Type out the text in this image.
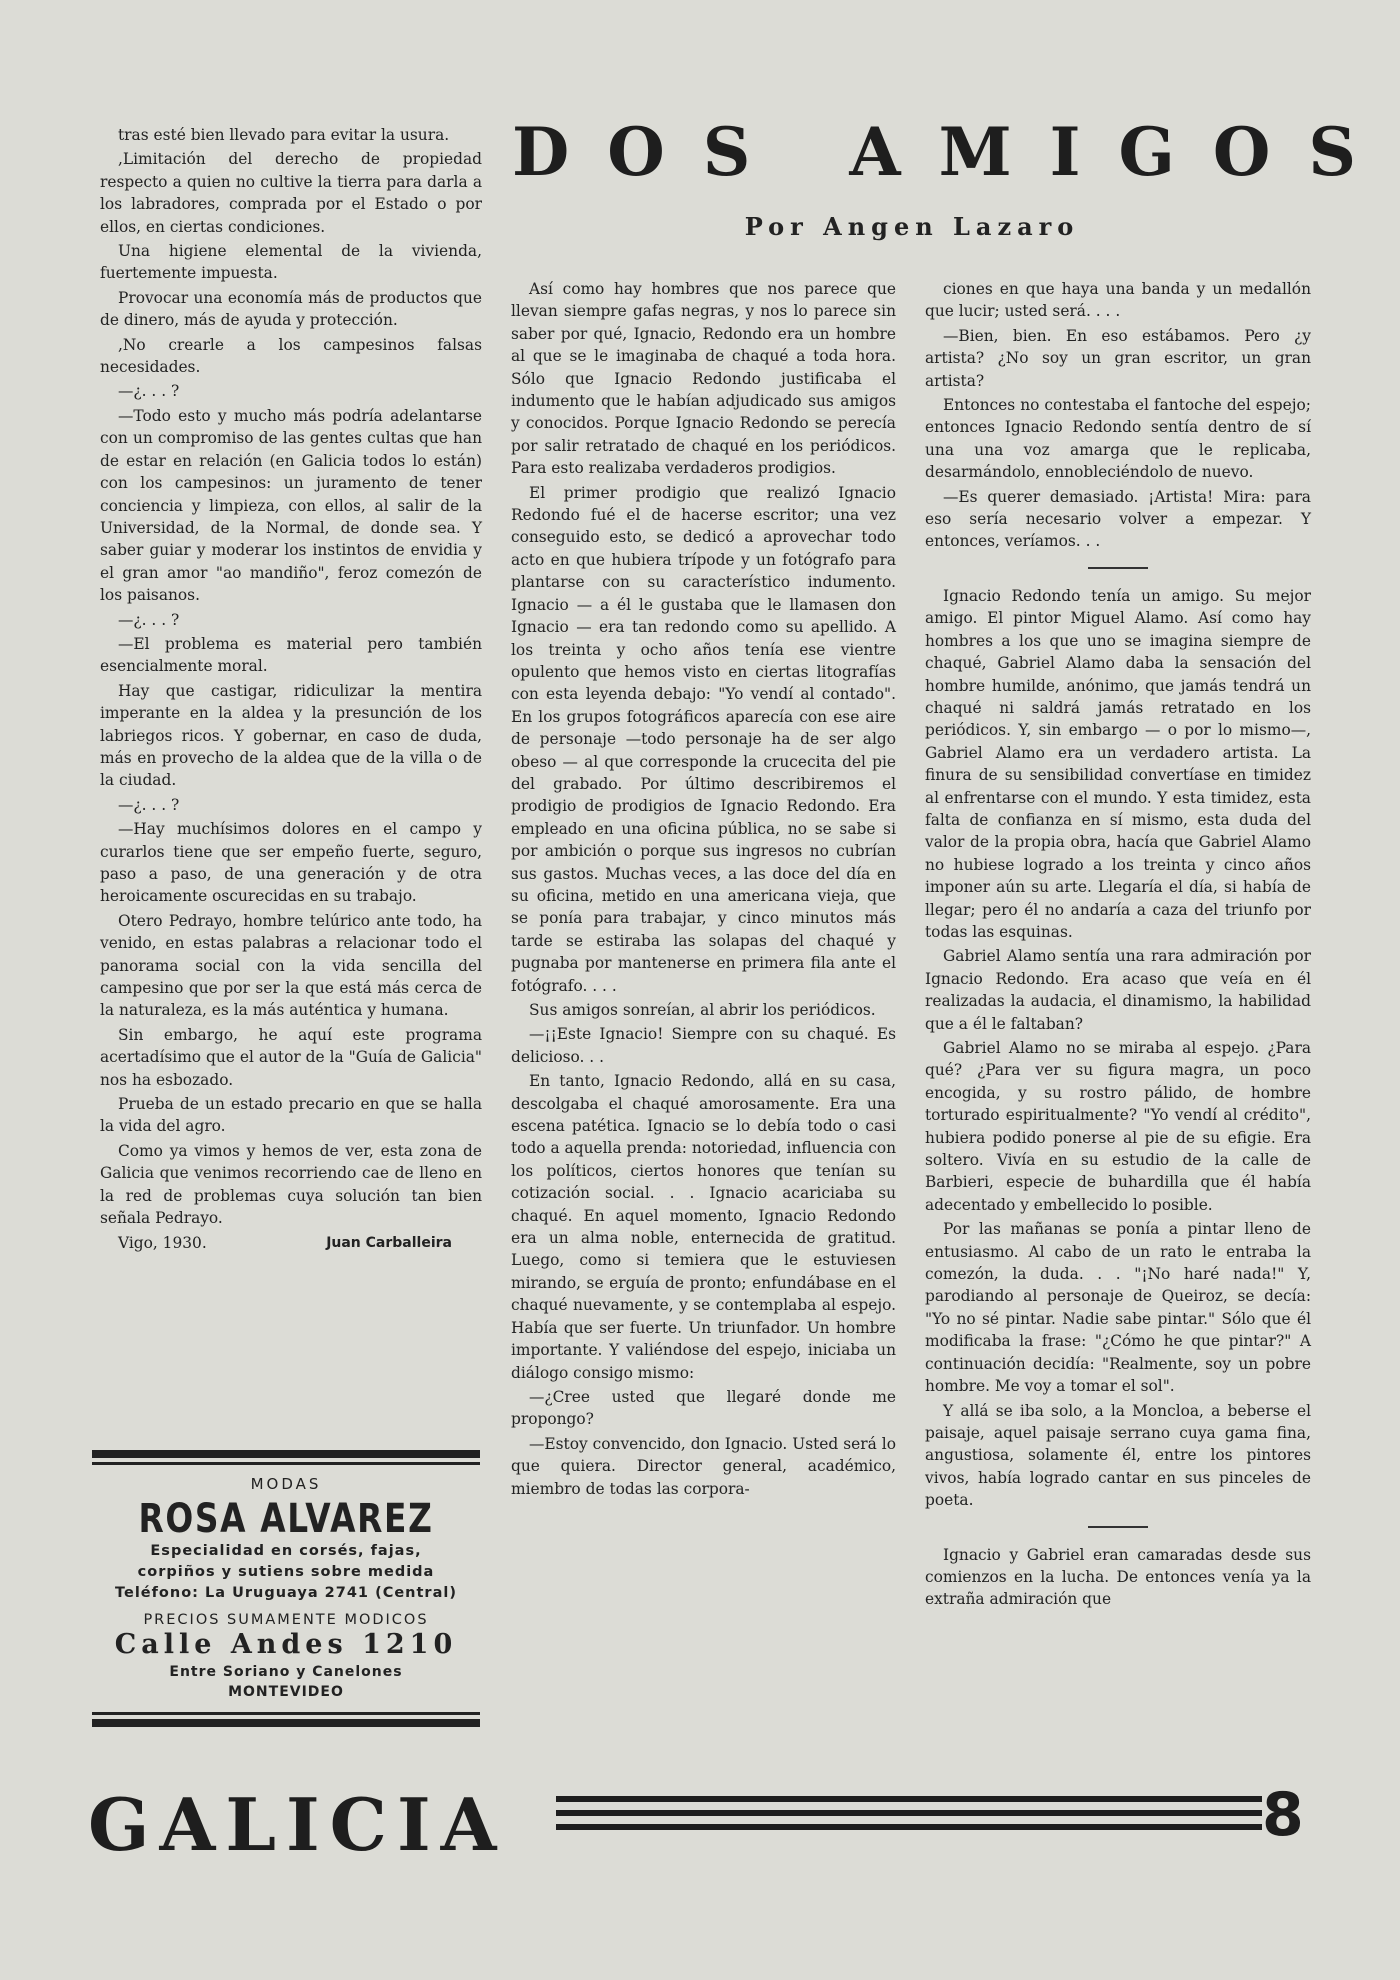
DOS AMIGOS
Por Angen Lazaro

tras esté bien llevado para evitar la usura.

,Limitación del derecho de propiedad respecto a quien no cultive la tierra para darla a los labradores, comprada por el Estado o por ellos, en ciertas condiciones.

Una higiene elemental de la vivienda, fuertemente impuesta.

Provocar una economía más de productos que de dinero, más de ayuda y protección.

,No crearle a los campesinos falsas necesidades.

—¿. . . ?

—Todo esto y mucho más podría adelantarse con un compromiso de las gentes cultas que han de estar en relación (en Galicia todos lo están) con los campesinos: un juramento de tener conciencia y limpieza, con ellos, al salir de la Universidad, de la Normal, de donde sea. Y saber guiar y moderar los instintos de envidia y el gran amor "ao mandiño", feroz comezón de los paisanos.

—¿. . . ?

—El problema es material pero también esencialmente moral.

Hay que castigar, ridiculizar la mentira imperante en la aldea y la presunción de los labriegos ricos. Y gobernar, en caso de duda, más en provecho de la aldea que de la villa o de la ciudad.

—¿. . . ?

—Hay muchísimos dolores en el campo y curarlos tiene que ser empeño fuerte, seguro, paso a paso, de una generación y de otra heroicamente oscurecidas en su trabajo.

Otero Pedrayo, hombre telúrico ante todo, ha venido, en estas palabras a relacionar todo el panorama social con la vida sencilla del campesino que por ser la que está más cerca de la naturaleza, es la más auténtica y humana.

Sin embargo, he aquí este programa acertadísimo que el autor de la "Guía de Galicia" nos ha esbozado.

Prueba de un estado precario en que se halla la vida del agro.

Como ya vimos y hemos de ver, esta zona de Galicia que venimos recorriendo cae de lleno en la red de problemas cuya solución tan bien señala Pedrayo.

Vigo, 1930.	Juan Carballeira

Así como hay hombres que nos parece que llevan siempre gafas negras, y nos lo parece sin saber por qué, Ignacio, Redondo era un hombre al que se le imaginaba de chaqué a toda hora. Sólo que Ignacio Redondo justificaba el indumento que le habían adjudicado sus amigos y conocidos. Porque Ignacio Redondo se perecía por salir retratado de chaqué en los periódicos. Para esto realizaba verdaderos prodigios.

El primer prodigio que realizó Ignacio Redondo fué el de hacerse escritor; una vez conseguido esto, se dedicó a aprovechar todo acto en que hubiera trípode y un fotógrafo para plantarse con su característico indumento. Ignacio — a él le gustaba que le llamasen don Ignacio — era tan redondo como su apellido. A los treinta y ocho años tenía ese vientre opulento que hemos visto en ciertas litografías con esta leyenda debajo: "Yo vendí al contado". En los grupos fotográficos aparecía con ese aire de personaje —todo personaje ha de ser algo obeso — al que corresponde la crucecita del pie del grabado. Por último describiremos el prodigio de prodigios de Ignacio Redondo. Era empleado en una oficina pública, no se sabe si por ambición o porque sus ingresos no cubrían sus gastos. Muchas veces, a las doce del día en su oficina, metido en una americana vieja, que se ponía para trabajar, y cinco minutos más tarde se estiraba las solapas del chaqué y pugnaba por mantenerse en primera fila ante el fotógrafo. . . .

Sus amigos sonreían, al abrir los periódicos.

—¡¡Este Ignacio! Siempre con su chaqué. Es delicioso. . .

En tanto, Ignacio Redondo, allá en su casa, descolgaba el chaqué amorosamente. Era una escena patética. Ignacio se lo debía todo o casi todo a aquella prenda: notoriedad, influencia con los políticos, ciertos honores que tenían su cotización social. . . Ignacio acariciaba su chaqué. En aquel momento, Ignacio Redondo era un alma noble, enternecida de gratitud. Luego, como si temiera que le estuviesen mirando, se erguía de pronto; enfundábase en el chaqué nuevamente, y se contemplaba al espejo. Había que ser fuerte. Un triunfador. Un hombre importante. Y valiéndose del espejo, iniciaba un diálogo consigo mismo:

—¿Cree usted que llegaré donde me propongo?

—Estoy convencido, don Ignacio. Usted será lo que quiera. Director general, académico, miembro de todas las corpora-

ciones en que haya una banda y un medallón que lucir; usted será. . . .

—Bien, bien. En eso estábamos. Pero ¿y artista? ¿No soy un gran escritor, un gran artista?

Entonces no contestaba el fantoche del espejo; entonces Ignacio Redondo sentía dentro de sí una una voz amarga que le replicaba, desarmándolo, ennobleciéndolo de nuevo.

—Es querer demasiado. ¡Artista! Mira: para eso sería necesario volver a empezar. Y entonces, veríamos. . .

Ignacio Redondo tenía un amigo. Su mejor amigo. El pintor Miguel Alamo. Así como hay hombres a los que uno se imagina siempre de chaqué, Gabriel Alamo daba la sensación del hombre humilde, anónimo, que jamás tendrá un chaqué ni saldrá jamás retratado en los periódicos. Y, sin embargo — o por lo mismo—, Gabriel Alamo era un verdadero artista. La finura de su sensibilidad convertíase en timidez al enfrentarse con el mundo. Y esta timidez, esta falta de confianza en sí mismo, esta duda del valor de la propia obra, hacía que Gabriel Alamo no hubiese logrado a los treinta y cinco años imponer aún su arte. Llegaría el día, si había de llegar; pero él no andaría a caza del triunfo por todas las esquinas.

Gabriel Alamo sentía una rara admiración por Ignacio Redondo. Era acaso que veía en él realizadas la audacia, el dinamismo, la habilidad que a él le faltaban?

Gabriel Alamo no se miraba al espejo. ¿Para qué? ¿Para ver su figura magra, un poco encogida, y su rostro pálido, de hombre torturado espiritualmente? "Yo vendí al crédito", hubiera podido ponerse al pie de su efigie. Era soltero. Vivía en su estudio de la calle de Barbieri, especie de buhardilla que él había adecentado y embellecido lo posible.

Por las mañanas se ponía a pintar lleno de entusiasmo. Al cabo de un rato le entraba la comezón, la duda. . . "¡No haré nada!" Y, parodiando al personaje de Queiroz, se decía: "Yo no sé pintar. Nadie sabe pintar." Sólo que él modificaba la frase: "¿Cómo he que pintar?" A continuación decidía: "Realmente, soy un pobre hombre. Me voy a tomar el sol".

Y allá se iba solo, a la Moncloa, a beberse el paisaje, aquel paisaje serrano cuya gama fina, angustiosa, solamente él, entre los pintores vivos, había logrado cantar en sus pinceles de poeta.

Ignacio y Gabriel eran camaradas desde sus comienzos en la lucha. De entonces venía ya la extraña admiración que

MODAS
ROSA ALVAREZ
Especialidad en corsés, fajas,
corpiños y sutiens sobre medida
Teléfono: La Uruguaya 2741 (Central)
PRECIOS SUMAMENTE MODICOS
Calle Andes 1210
Entre Soriano y Canelones
MONTEVIDEO
GALICIA	8
